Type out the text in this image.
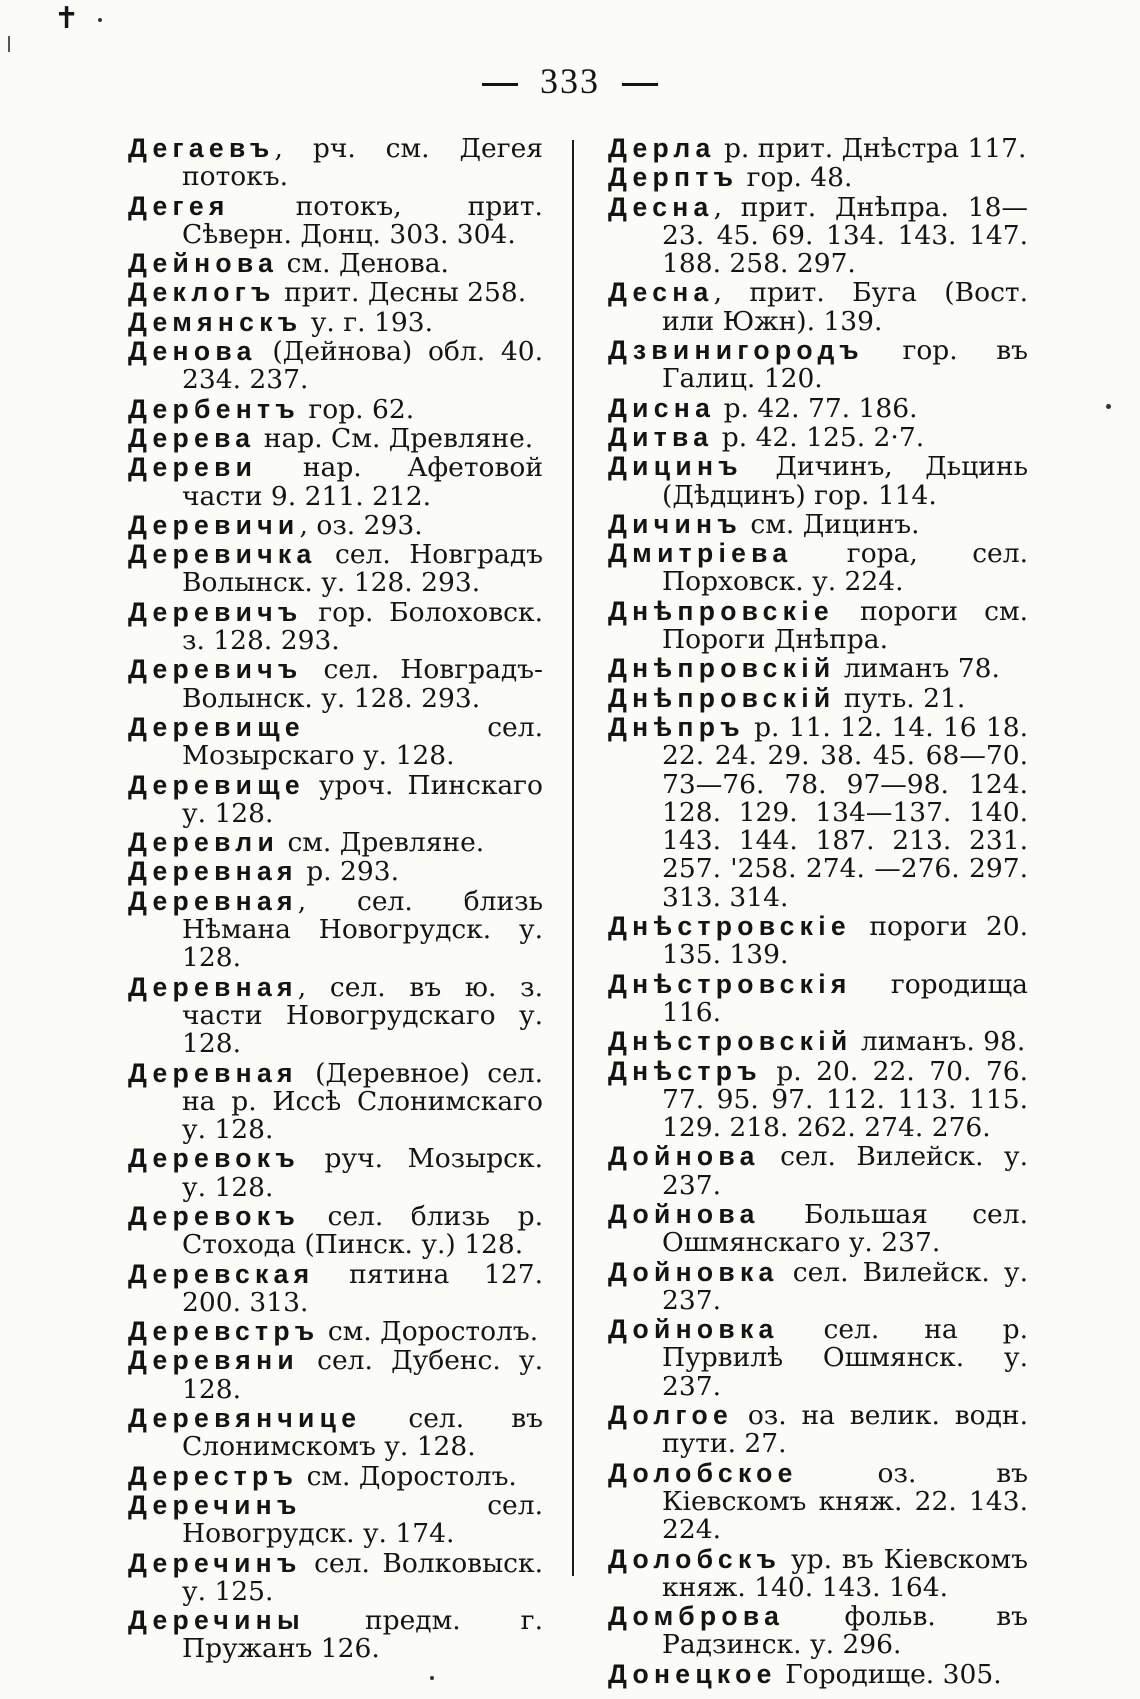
✝
333
Дегаевъ, рч. см. Дегея потокъ.
Дегея потокъ, прит. Сѣверн. Донц. 303. 304.
Дейнова см. Денова.
Деклогъ прит. Десны 258.
Демянскъ у. г. 193.
Денова (Дейнова) обл. 40. 234. 237.
Дербентъ гор. 62.
Дерева нар. См. Древляне.
Дереви нар. Афетовой части 9. 211. 212.
Деревичи, оз. 293.
Деревичка сел. Новградъ Волынск. у. 128. 293.
Деревичъ гор. Болоховск. з. 128. 293.
Деревичъ сел. Новградъ-Волынск. у. 128. 293.
Деревище сел. Мозырскаго у. 128.
Деревище уроч. Пинскаго у. 128.
Деревли см. Древляне.
Деревная р. 293.
Деревная, сел. близь Нѣмана Новогрудск. у. 128.
Деревная, сел. въ ю. з. части Новогрудскаго у. 128.
Деревная (Деревное) сел. на р. Иссѣ Слонимскаго у. 128.
Деревокъ руч. Мозырск. у. 128.
Деревокъ сел. близь р. Стохода (Пинск. у.) 128.
Деревская пятина 127. 200. 313.
Деревстръ см. Доростолъ.
Деревяни сел. Дубенс. у. 128.
Деревянчице сел. въ Слонимскомъ у. 128.
Дерестръ см. Доростолъ.
Деречинъ сел. Новогрудск. у. 174.
Деречинъ сел. Волковыск. у. 125.
Деречины предм. г. Пружанъ 126.
Дерла р. прит. Днѣстра 117.
Дерптъ гор. 48.
Десна, прит. Днѣпра. 18—23. 45. 69. 134. 143. 147. 188. 258. 297.
Десна, прит. Буга (Вост. или Южн). 139.
Дзвинигородъ гор. въ Галиц. 120.
Дисна р. 42. 77. 186.
Дитва р. 42. 125. 2·7.
Дицинъ Дичинъ, Дьцинь (Дѣдцинъ) гор. 114.
Дичинъ см. Дицинъ.
Дмитріева гора, сел. Порховск. у. 224.
Днѣпровскіе пороги см. Пороги Днѣпра.
Днѣпровскій лиманъ 78.
Днѣпровскій путь. 21.
Днѣпръ р. 11. 12. 14. 16 18. 22. 24. 29. 38. 45. 68—70. 73—76. 78. 97—98. 124. 128. 129. 134—137. 140. 143. 144. 187. 213. 231. 257. '258. 274. —276. 297. 313. 314.
Днѣстровскіе пороги 20. 135. 139.
Днѣстровскія городища 116.
Днѣстровскій лиманъ. 98.
Днѣстръ р. 20. 22. 70. 76. 77. 95. 97. 112. 113. 115. 129. 218. 262. 274. 276.
Дойнова сел. Вилейск. у. 237.
Дойнова Большая сел. Ошмянскаго у. 237.
Дойновка сел. Вилейск. у. 237.
Дойновка сел. на р. Пурвилѣ Ошмянск. у. 237.
Долгое оз. на велик. водн. пути. 27.
Долобское оз. въ Кіевскомъ княж. 22. 143. 224.
Долобскъ ур. въ Кіевскомъ княж. 140. 143. 164.
Домброва фольв. въ Радзинск. у. 296.
Донецкое Городище. 305.
